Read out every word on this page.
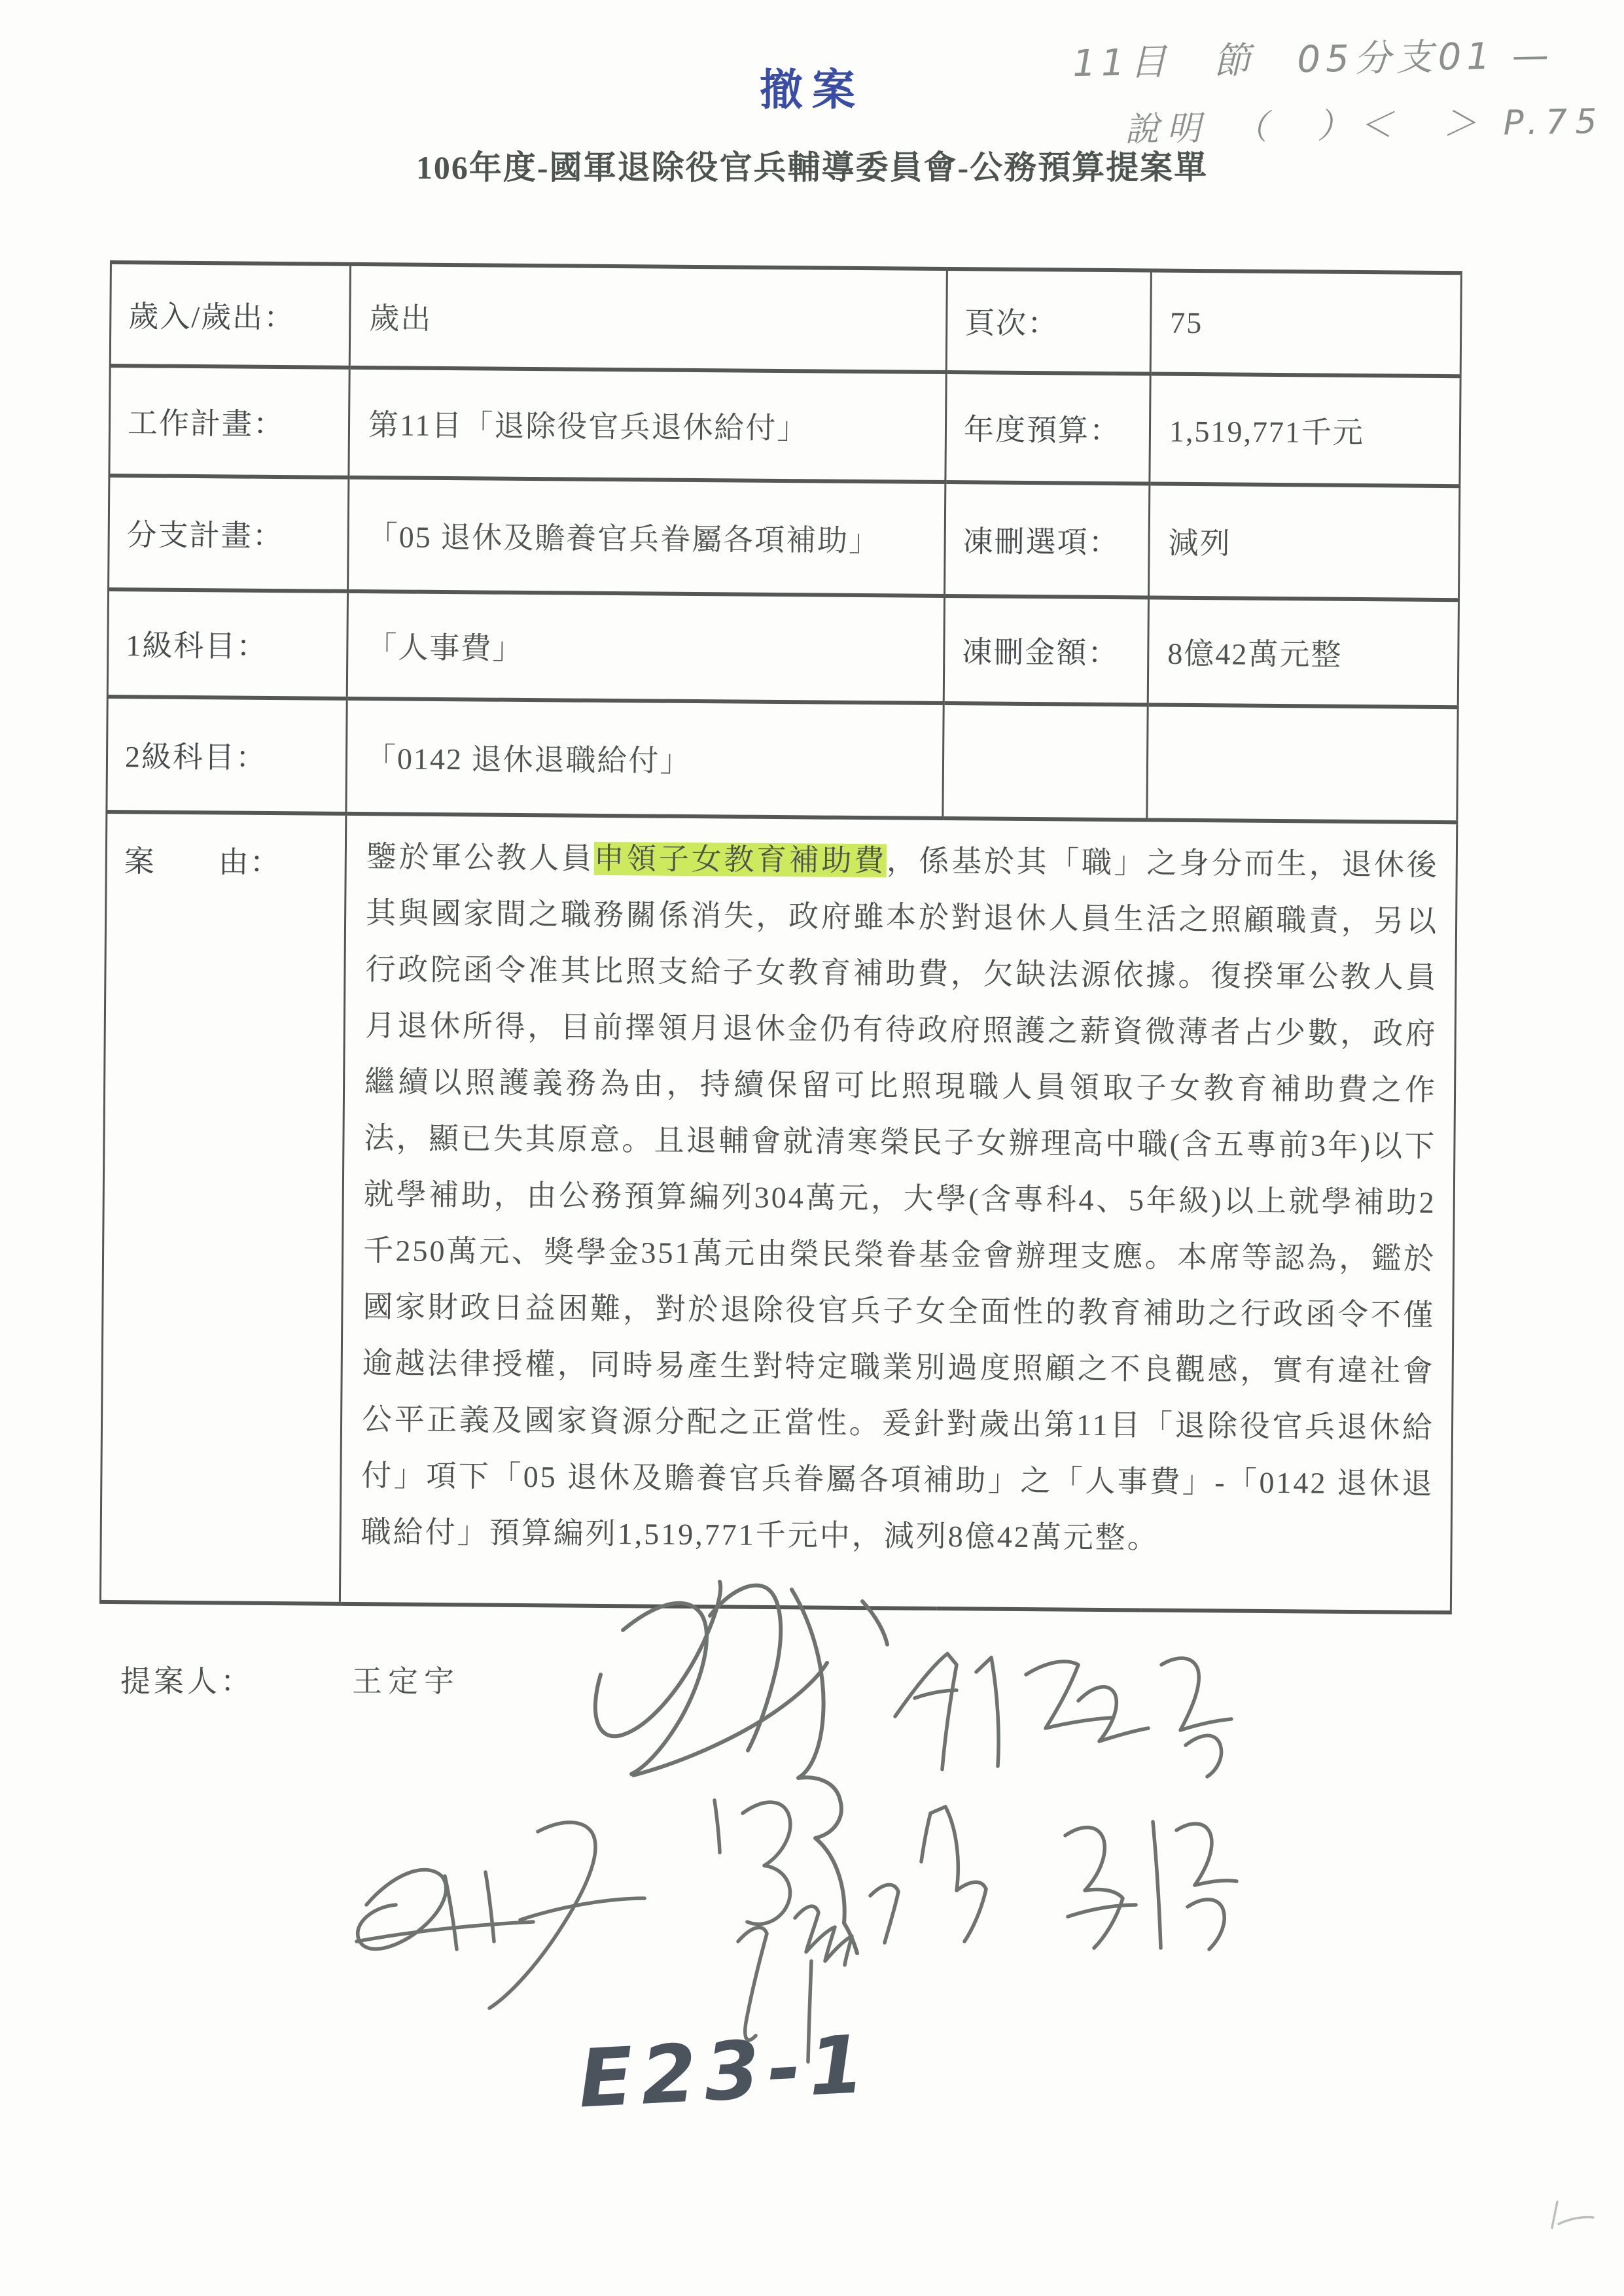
11目　節　05分支01 —
說明　（　）＜　＞ P.75
撤案
106年度-國軍退除役官兵輔導委員會-公務預算提案單
歲入/歲出：	歲出	頁次：	75
工作計畫：	第11目「退除役官兵退休給付」	年度預算：	1,519,771千元
分支計畫：	「05 退休及贍養官兵眷屬各項補助」	凍刪選項：	減列
1級科目：	「人事費」	凍刪金額：	8億42萬元整
2級科目：	「0142 退休退職給付」		
案　　由：	鑒於軍公教人員申領子女教育補助費，係基於其「職」之身分而生，退休後其與國家間之職務關係消失，政府雖本於對退休人員生活之照顧職責，另以行政院函令准其比照支給子女教育補助費，欠缺法源依據。復揆軍公教人員月退休所得，目前擇領月退休金仍有待政府照護之薪資微薄者占少數，政府繼續以照護義務為由，持續保留可比照現職人員領取子女教育補助費之作法，顯已失其原意。且退輔會就清寒榮民子女辦理高中職(含五專前3年)以下就學補助，由公務預算編列304萬元，大學(含專科4、5年級)以上就學補助2千250萬元、獎學金351萬元由榮民榮眷基金會辦理支應。本席等認為，鑑於國家財政日益困難，對於退除役官兵子女全面性的教育補助之行政函令不僅逾越法律授權，同時易產生對特定職業別過度照顧之不良觀感，實有違社會公平正義及國家資源分配之正當性。爰針對歲出第11目「退除役官兵退休給付」項下「05 退休及贍養官兵眷屬各項補助」之「人事費」-「0142 退休退職給付」預算編列1,519,771千元中，減列8億42萬元整。		
提案人：	王定宇
E23-1
